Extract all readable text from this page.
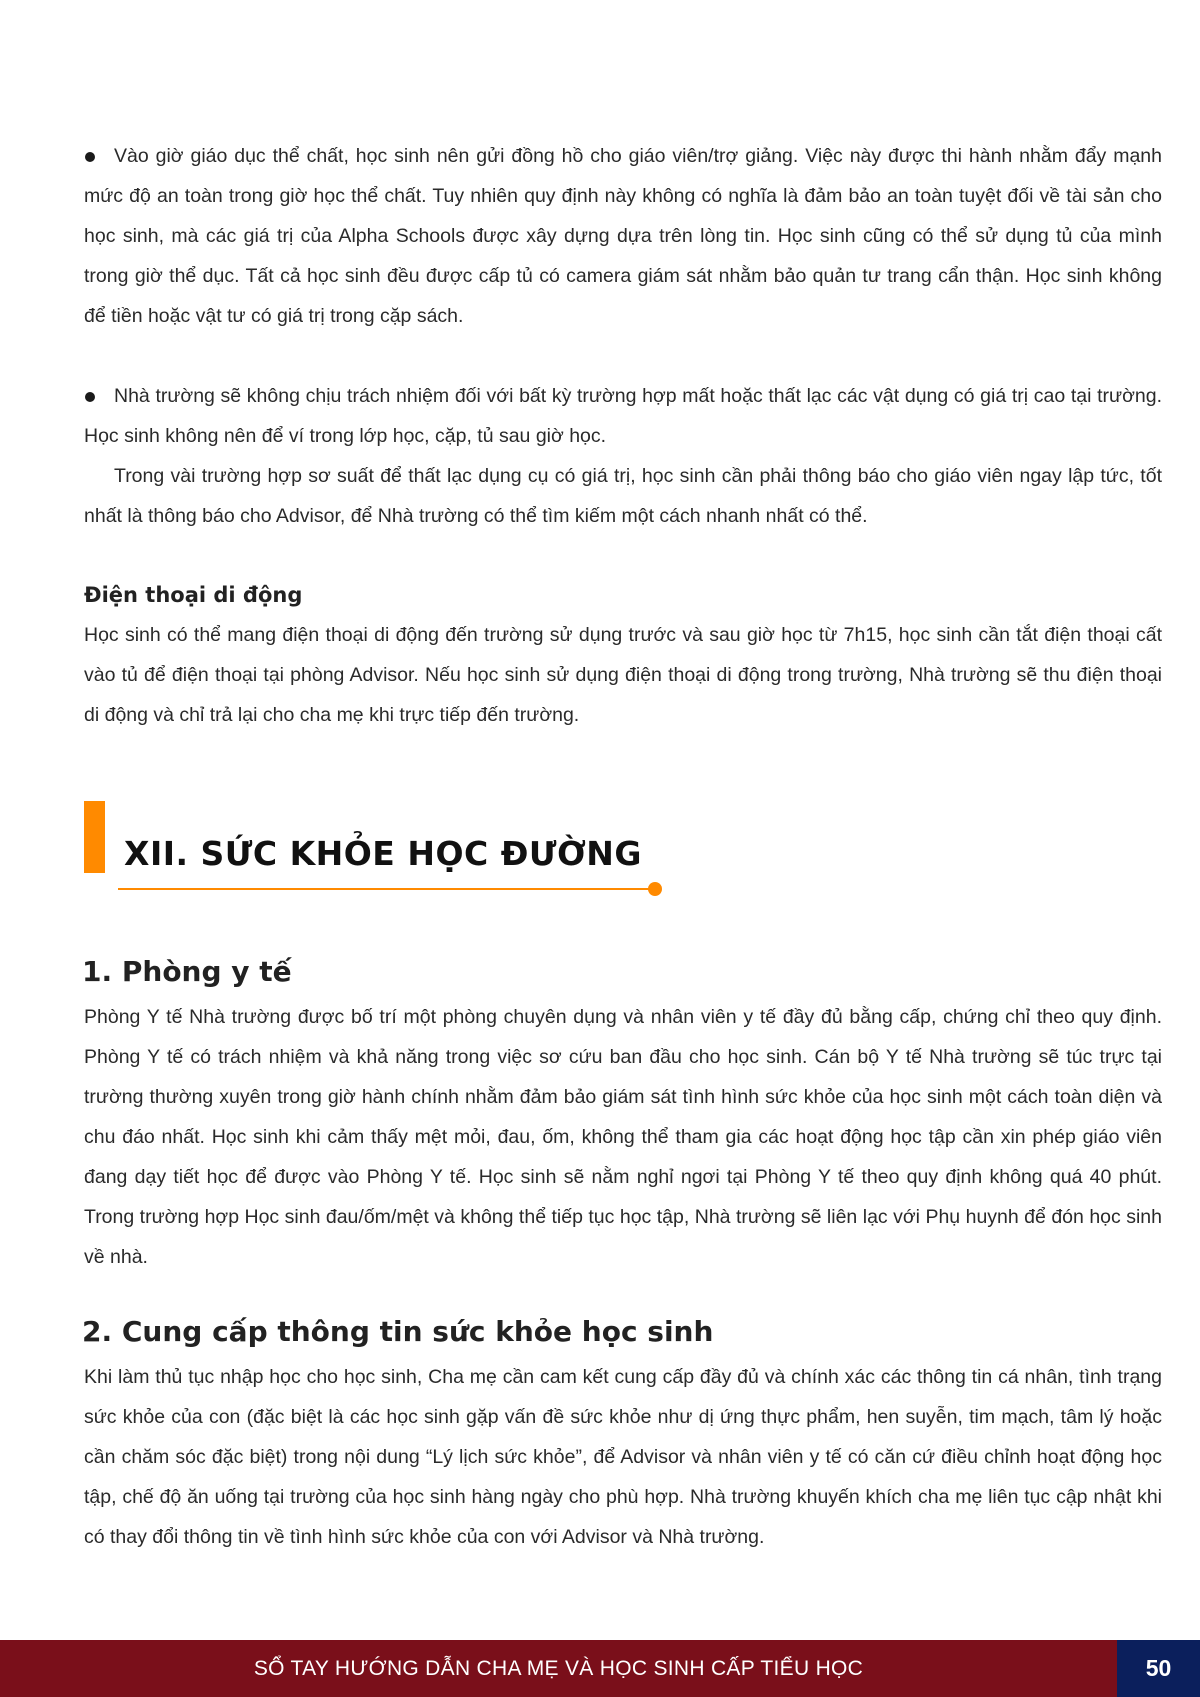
Vào giờ giáo dục thể chất, học sinh nên gửi đồng hồ cho giáo viên/trợ giảng. Việc này được thi hành nhằm đẩy mạnh mức độ an toàn trong giờ học thể chất. Tuy nhiên quy định này không có nghĩa là đảm bảo an toàn tuyệt đối về tài sản cho học sinh, mà các giá trị của Alpha Schools được xây dựng dựa trên lòng tin. Học sinh cũng có thể sử dụng tủ của mình trong giờ thể dục. Tất cả học sinh đều được cấp tủ có camera giám sát nhằm bảo quản tư trang cẩn thận. Học sinh không để tiền hoặc vật tư có giá trị trong cặp sách.

Nhà trường sẽ không chịu trách nhiệm đối với bất kỳ trường hợp mất hoặc thất lạc các vật dụng có giá trị cao tại trường. Học sinh không nên để ví trong lớp học, cặp, tủ sau giờ học.

Trong vài trường hợp sơ suất để thất lạc dụng cụ có giá trị, học sinh cần phải thông báo cho giáo viên ngay lập tức, tốt nhất là thông báo cho Advisor, để Nhà trường có thể tìm kiếm một cách nhanh nhất có thể.

Điện thoại di động

Học sinh có thể mang điện thoại di động đến trường sử dụng trước và sau giờ học từ 7h15, học sinh cần tắt điện thoại cất vào tủ để điện thoại tại phòng Advisor. Nếu học sinh sử dụng điện thoại di động trong trường, Nhà trường sẽ thu điện thoại di động và chỉ trả lại cho cha mẹ khi trực tiếp đến trường.

XII. SỨC KHỎE HỌC ĐƯỜNG
1. Phòng y tế

Phòng Y tế Nhà trường được bố trí một phòng chuyên dụng và nhân viên y tế đầy đủ bằng cấp, chứng chỉ theo quy định. Phòng Y tế có trách nhiệm và khả năng trong việc sơ cứu ban đầu cho học sinh. Cán bộ Y tế Nhà trường sẽ túc trực tại trường thường xuyên trong giờ hành chính nhằm đảm bảo giám sát tình hình sức khỏe của học sinh một cách toàn diện và chu đáo nhất. Học sinh khi cảm thấy mệt mỏi, đau, ốm, không thể tham gia các hoạt động học tập cần xin phép giáo viên đang dạy tiết học để được vào Phòng Y tế. Học sinh sẽ nằm nghỉ ngơi tại Phòng Y tế theo quy định không quá 40 phút. Trong trường hợp Học sinh đau/ốm/mệt và không thể tiếp tục học tập, Nhà trường sẽ liên lạc với Phụ huynh để đón học sinh về nhà.

2. Cung cấp thông tin sức khỏe học sinh

Khi làm thủ tục nhập học cho học sinh, Cha mẹ cần cam kết cung cấp đầy đủ và chính xác các thông tin cá nhân, tình trạng sức khỏe của con (đặc biệt là các học sinh gặp vấn đề sức khỏe như dị ứng thực phẩm, hen suyễn, tim mạch, tâm lý hoặc cần chăm sóc đặc biệt) trong nội dung “Lý lịch sức khỏe”, để Advisor và nhân viên y tế có căn cứ điều chỉnh hoạt động học tập, chế độ ăn uống tại trường của học sinh hàng ngày cho phù hợp. Nhà trường khuyến khích cha mẹ liên tục cập nhật khi có thay đổi thông tin về tình hình sức khỏe của con với Advisor và Nhà trường.

SỔ TAY HƯỚNG DẪN CHA MẸ VÀ HỌC SINH CẤP TIỂU HỌC	50
